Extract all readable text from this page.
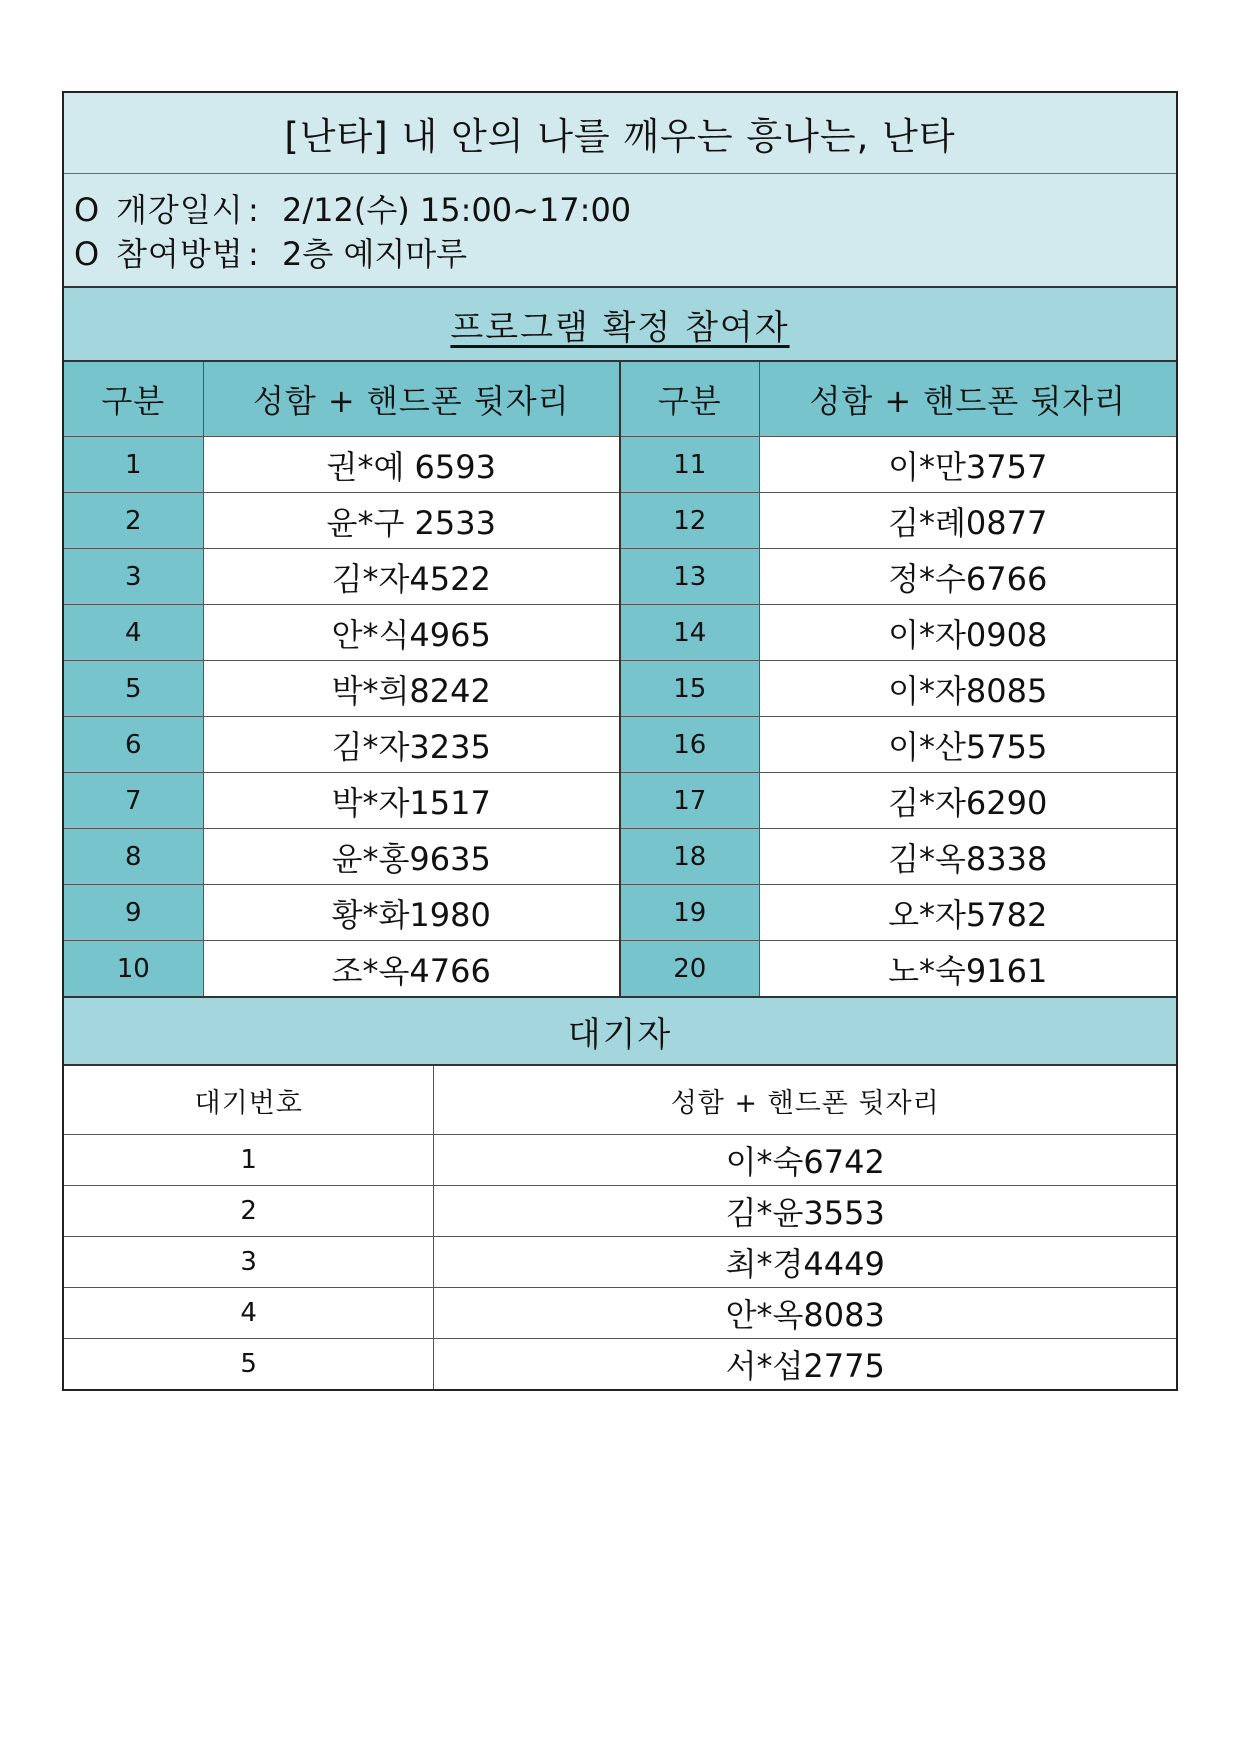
[난타] 내 안의 나를 깨우는 흥나는, 난타
O 개강일시 : 2/12(수) 15:00~17:00
O 참여방법 : 2층 예지마루
프로그램 확정 참여자
구분	성함 + 핸드폰 뒷자리	구분	성함 + 핸드폰 뒷자리
1	권*예 6593	11	이*만3757
2	윤*구 2533	12	김*례0877
3	김*자4522	13	정*수6766
4	안*식4965	14	이*자0908
5	박*희8242	15	이*자8085
6	김*자3235	16	이*산5755
7	박*자1517	17	김*자6290
8	윤*홍9635	18	김*옥8338
9	황*화1980	19	오*자5782
10	조*옥4766	20	노*숙9161
대기자
대기번호	성함 + 핸드폰 뒷자리
1	이*숙6742
2	김*윤3553
3	최*경4449
4	안*옥8083
5	서*섭2775
